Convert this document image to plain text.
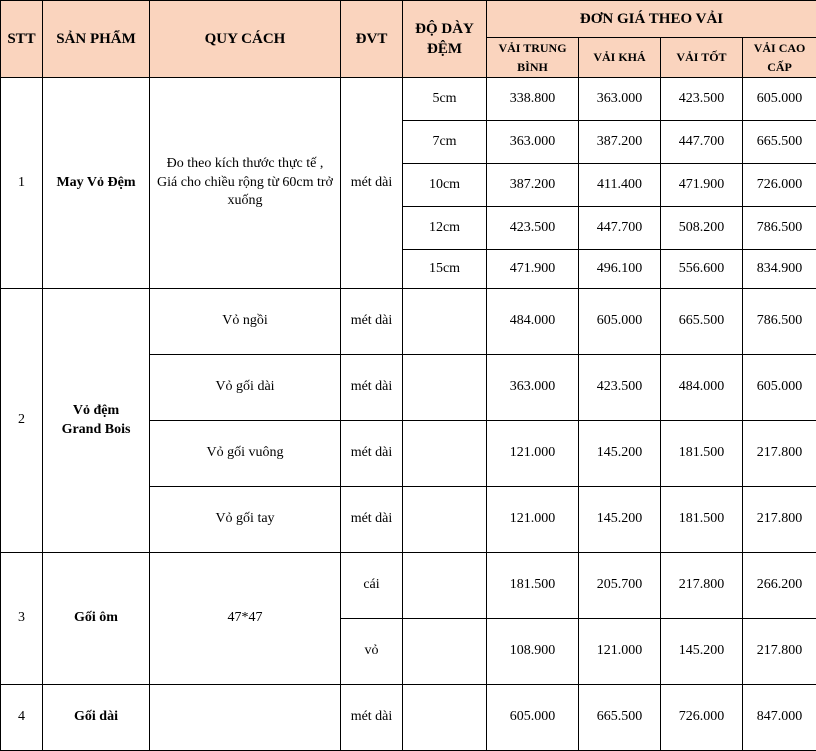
STT	SẢN PHẨM	QUY CÁCH	ĐVT	ĐỘ DÀY ĐỆM	ĐƠN GIÁ THEO VẢI			
					VẢI TRUNG BÌNH	VẢI KHÁ	VẢI TỐT	VẢI CAO CẤP
1	May Vỏ Đệm	Đo theo kích thước thực tế , Giá cho chiều rộng từ 60cm trở xuống	mét dài	5cm	338.800	363.000	423.500	605.000
				7cm	363.000	387.200	447.700	665.500
				10cm	387.200	411.400	471.900	726.000
				12cm	423.500	447.700	508.200	786.500
				15cm	471.900	496.100	556.600	834.900
2	Vỏ đệm Grand Bois	Vỏ ngồi	mét dài		484.000	605.000	665.500	786.500
		Vỏ gối dài	mét dài		363.000	423.500	484.000	605.000
		Vỏ gối vuông	mét dài		121.000	145.200	181.500	217.800
		Vỏ gối tay	mét dài		121.000	145.200	181.500	217.800
3	Gối ôm	47*47	cái		181.500	205.700	217.800	266.200
			vỏ		108.900	121.000	145.200	217.800
4	Gối dài		mét dài		605.000	665.500	726.000	847.000
